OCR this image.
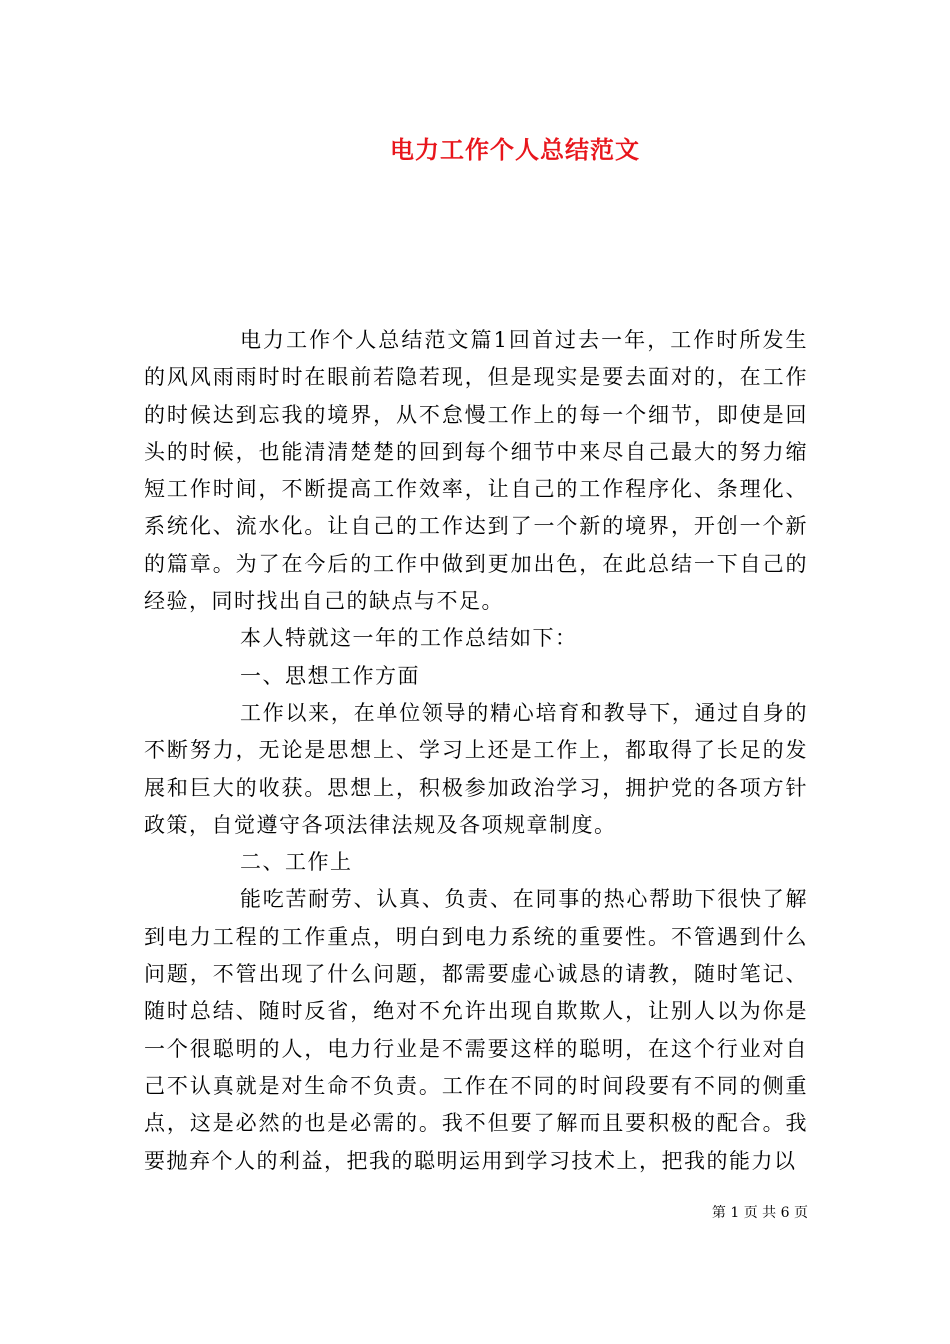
电力工作个人总结范文

电力工作个人总结范文篇1回首过去一年，工作时所发生的风风雨雨时时在眼前若隐若现，但是现实是要去面对的，在工作的时候达到忘我的境界，从不怠慢工作上的每一个细节，即使是回头的时候，也能清清楚楚的回到每个细节中来尽自己最大的努力缩短工作时间，不断提高工作效率，让自己的工作程序化、条理化、系统化、流水化。让自己的工作达到了一个新的境界，开创一个新的篇章。为了在今后的工作中做到更加出色，在此总结一下自己的经验，同时找出自己的缺点与不足。

本人特就这一年的工作总结如下：

一、思想工作方面

工作以来，在单位领导的精心培育和教导下，通过自身的不断努力，无论是思想上、学习上还是工作上，都取得了长足的发展和巨大的收获。思想上，积极参加政治学习，拥护党的各项方针政策，自觉遵守各项法律法规及各项规章制度。

二、工作上

能吃苦耐劳、认真、负责、在同事的热心帮助下很快了解到电力工程的工作重点，明白到电力系统的重要性。不管遇到什么问题，不管出现了什么问题，都需要虚心诚恳的请教，随时笔记、随时总结、随时反省，绝对不允许出现自欺欺人，让别人以为你是一个很聪明的人，电力行业是不需要这样的聪明，在这个行业对自己不认真就是对生命不负责。工作在不同的时间段要有不同的侧重点，这是必然的也是必需的。我不但要了解而且要积极的配合。我要抛弃个人的利益，把我的聪明运用到学习技术上，把我的能力以

第 1 页 共 6 页
